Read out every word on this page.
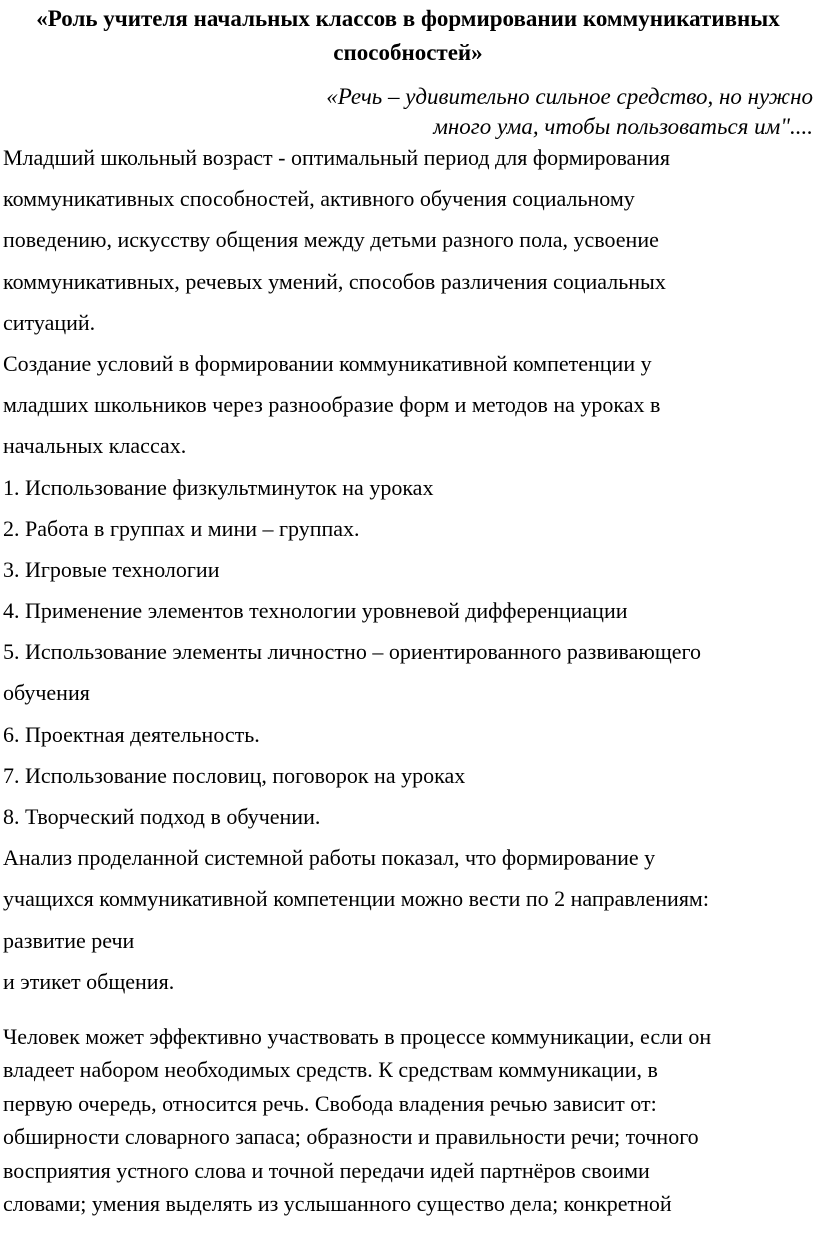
«Роль учителя начальных классов в формировании коммуникативных
способностей»
«Речь – удивительно сильное средство, но нужно
много ума, чтобы пользоваться им"....
Младший школьный возраст - оптимальный период для формирования
коммуникативных способностей, активного обучения социальному
поведению, искусству общения между детьми разного пола, усвоение
коммуникативных, речевых умений, способов различения социальных
ситуаций.
Создание условий в формировании коммуникативной компетенции у
младших школьников через разнообразие форм и методов на уроках в
начальных классах.
1. Использование физкультминуток на уроках
2. Работа в группах и мини – группах.
3. Игровые технологии
4. Применение элементов технологии уровневой дифференциации
5. Использование элементы личностно – ориентированного развивающего
обучения
6. Проектная деятельность.
7. Использование пословиц, поговорок на уроках
8. Творческий подход в обучении.
Анализ проделанной системной работы показал, что формирование у
учащихся коммуникативной компетенции можно вести по 2 направлениям:
развитие речи
и этикет общения.
Человек может эффективно участвовать в процессе коммуникации, если он
владеет набором необходимых средств. К средствам коммуникации, в
первую очередь, относится речь. Свобода владения речью зависит от:
обширности словарного запаса; образности и правильности речи; точного
восприятия устного слова и точной передачи идей партнёров своими
словами; умения выделять из услышанного существо дела; конкретной
